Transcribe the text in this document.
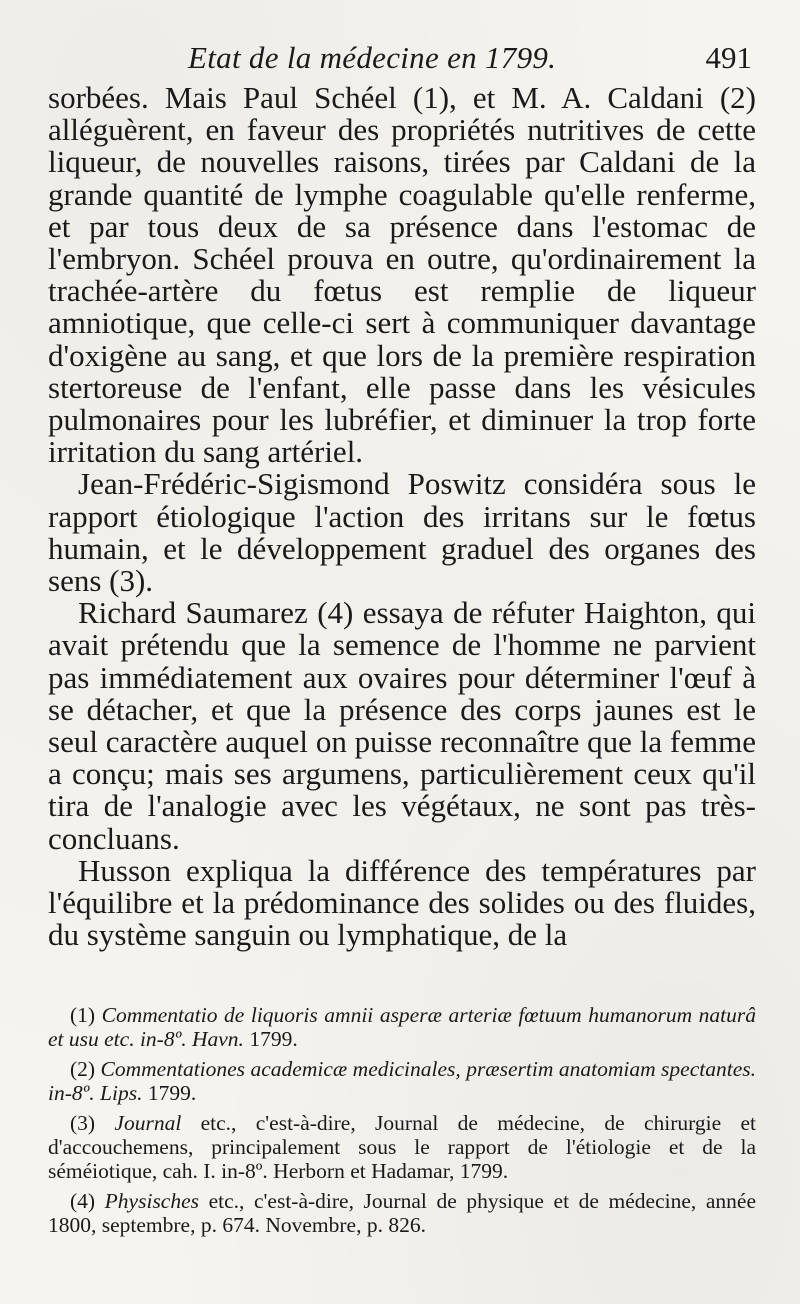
Etat de la médecine en 1799.	491

sorbées. Mais Paul Schéel (1), et M. A. Caldani (2) alléguèrent, en faveur des propriétés nutritives de cette liqueur, de nouvelles raisons, tirées par Caldani de la grande quantité de lymphe coagulable qu'elle renferme, et par tous deux de sa présence dans l'estomac de l'embryon. Schéel prouva en outre, qu'ordinairement la trachée-artère du fœtus est remplie de liqueur amniotique, que celle-ci sert à communiquer davantage d'oxigène au sang, et que lors de la première respiration stertoreuse de l'enfant, elle passe dans les vésicules pulmonaires pour les lubréfier, et diminuer la trop forte irritation du sang artériel.

Jean-Frédéric-Sigismond Poswitz considéra sous le rapport étiologique l'action des irritans sur le fœtus humain, et le développement graduel des organes des sens (3).

Richard Saumarez (4) essaya de réfuter Haighton, qui avait prétendu que la semence de l'homme ne parvient pas immédiatement aux ovaires pour déterminer l'œuf à se détacher, et que la présence des corps jaunes est le seul caractère auquel on puisse reconnaître que la femme a conçu; mais ses argumens, particulièrement ceux qu'il tira de l'analogie avec les végétaux, ne sont pas très-concluans.

Husson expliqua la différence des températures par l'équilibre et la prédominance des solides ou des fluides, du système sanguin ou lymphatique, de la

(1) Commentatio de liquoris amnii asperæ arteriæ fœtuum humanorum naturâ et usu etc. in-8º. Havn. 1799.

(2) Commentationes academicæ medicinales, præsertim anatomiam spectantes. in-8º. Lips. 1799.

(3) Journal etc., c'est-à-dire, Journal de médecine, de chirurgie et d'accouchemens, principalement sous le rapport de l'étiologie et de la séméiotique, cah. I. in-8º. Herborn et Hadamar, 1799.

(4) Physisches etc., c'est-à-dire, Journal de physique et de médecine, année 1800, septembre, p. 674. Novembre, p. 826.
